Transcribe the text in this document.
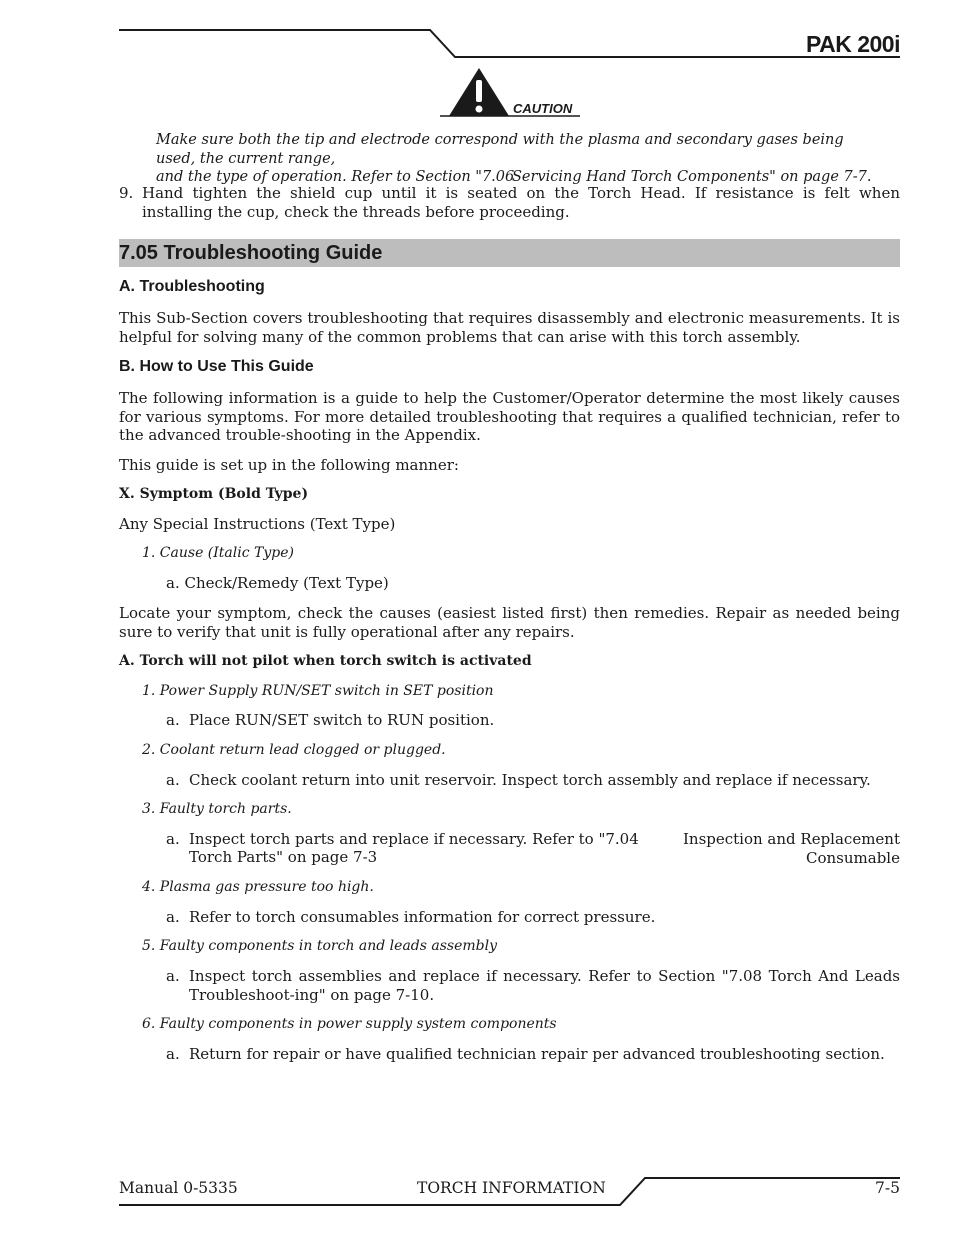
PAK 200i
CAUTION
Make sure both the tip and electrode correspond with the plasma and secondary gases being used, the current range,
and the type of operation. Refer to Section "7.06
Servicing Hand Torch Components" on page 7-7.
9. Hand tighten the shield cup until it is seated on the Torch Head. If resistance is felt when installing the cup, check the threads before proceeding.
7.05 Troubleshooting Guide
A. Troubleshooting
This Sub-Section covers troubleshooting that requires disassembly and electronic measurements. It is helpful for solving many of the common problems that can arise with this torch assembly.
B. How to Use This Guide
The following information is a guide to help the Customer/Operator determine the most likely causes for various symptoms. For more detailed troubleshooting that requires a qualified technician, refer to the advanced trouble-shooting in the Appendix.
This guide is set up in the following manner:
X. Symptom (Bold Type)
Any Special Instructions (Text Type)
1. Cause (Italic Type)
a. Check/Remedy (Text Type)
Locate your symptom, check the causes (easiest listed first) then remedies. Repair as needed being sure to verify that unit is fully operational after any repairs.
A. Torch will not pilot when torch switch is activated
1. Power Supply RUN/SET switch in SET position
a. Place RUN/SET switch to RUN position.
2. Coolant return lead clogged or plugged.
a. Check coolant return into unit reservoir. Inspect torch assembly and replace if necessary.
3. Faulty torch parts.
a. Inspect torch parts and replace if necessary. Refer to "7.04	Inspection and Replacement Consumable
Torch Parts" on page 7-3
4. Plasma gas pressure too high.
a. Refer to torch consumables information for correct pressure.
5. Faulty components in torch and leads assembly
a. Inspect torch assemblies and replace if necessary. Refer to Section "7.08 Torch And Leads Troubleshoot-ing" on page 7-10.
6. Faulty components in power supply system components
a. Return for repair or have qualified technician repair per advanced troubleshooting section.
Manual 0-5335	TORCH INFORMATION	7-5
